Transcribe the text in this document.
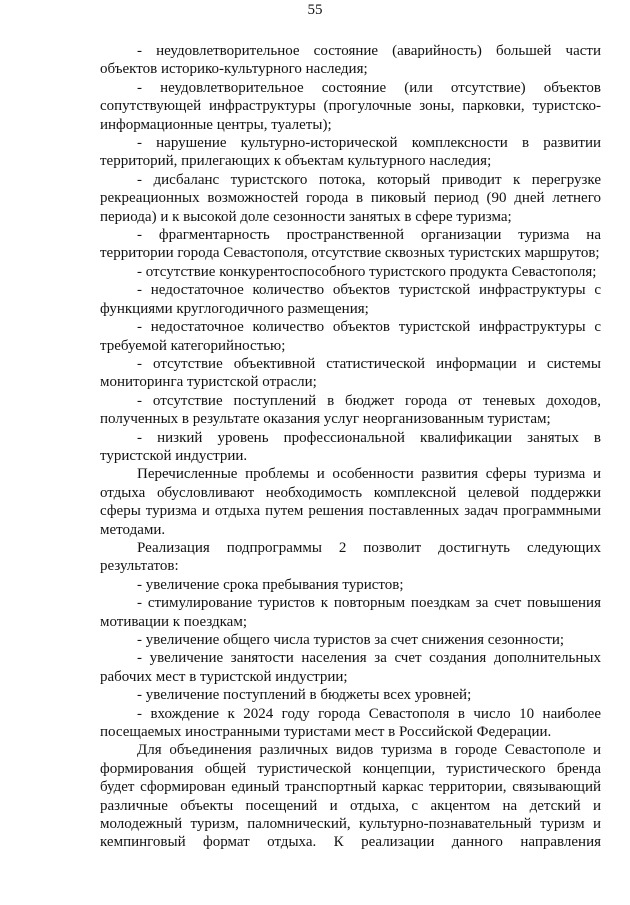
55

- неудовлетворительное состояние (аварийность) большей части объектов историко-культурного наследия;

- неудовлетворительное состояние (или отсутствие) объектов сопутствующей инфраструктуры (прогулочные зоны, парковки, туристско-информационные центры, туалеты);

- нарушение культурно-исторической комплексности в развитии территорий, прилегающих к объектам культурного наследия;

- дисбаланс туристского потока, который приводит к перегрузке рекреационных возможностей города в пиковый период (90 дней летнего периода) и к высокой доле сезонности занятых в сфере туризма;

- фрагментарность пространственной организации туризма на территории города Севастополя, отсутствие сквозных туристских маршрутов;

- отсутствие конкурентоспособного туристского продукта Севастополя;

- недостаточное количество объектов туристской инфраструктуры с функциями круглогодичного размещения;

- недостаточное количество объектов туристской инфраструктуры с требуемой категорийностью;

- отсутствие объективной статистической информации и системы мониторинга туристской отрасли;

- отсутствие поступлений в бюджет города от теневых доходов, полученных в результате оказания услуг неорганизованным туристам;

- низкий уровень профессиональной квалификации занятых в туристской индустрии.

Перечисленные проблемы и особенности развития сферы туризма и отдыха обусловливают необходимость комплексной целевой поддержки сферы туризма и отдыха путем решения поставленных задач программными методами.

Реализация подпрограммы 2 позволит достигнуть следующих результатов:

- увеличение срока пребывания туристов;

- стимулирование туристов к повторным поездкам за счет повышения мотивации к поездкам;

- увеличение общего числа туристов за счет снижения сезонности;

- увеличение занятости населения за счет создания дополнительных рабочих мест в туристской индустрии;

- увеличение поступлений в бюджеты всех уровней;

- вхождение к 2024 году города Севастополя в число 10 наиболее посещаемых иностранными туристами мест в Российской Федерации.

Для объединения различных видов туризма в городе Севастополе и формирования общей туристической концепции, туристического бренда будет сформирован единый транспортный каркас территории, связывающий различные объекты посещений и отдыха, с акцентом на детский и молодежный туризм, паломнический, культурно-познавательный туризм и кемпинговый формат отдыха. К реализации данного направления
